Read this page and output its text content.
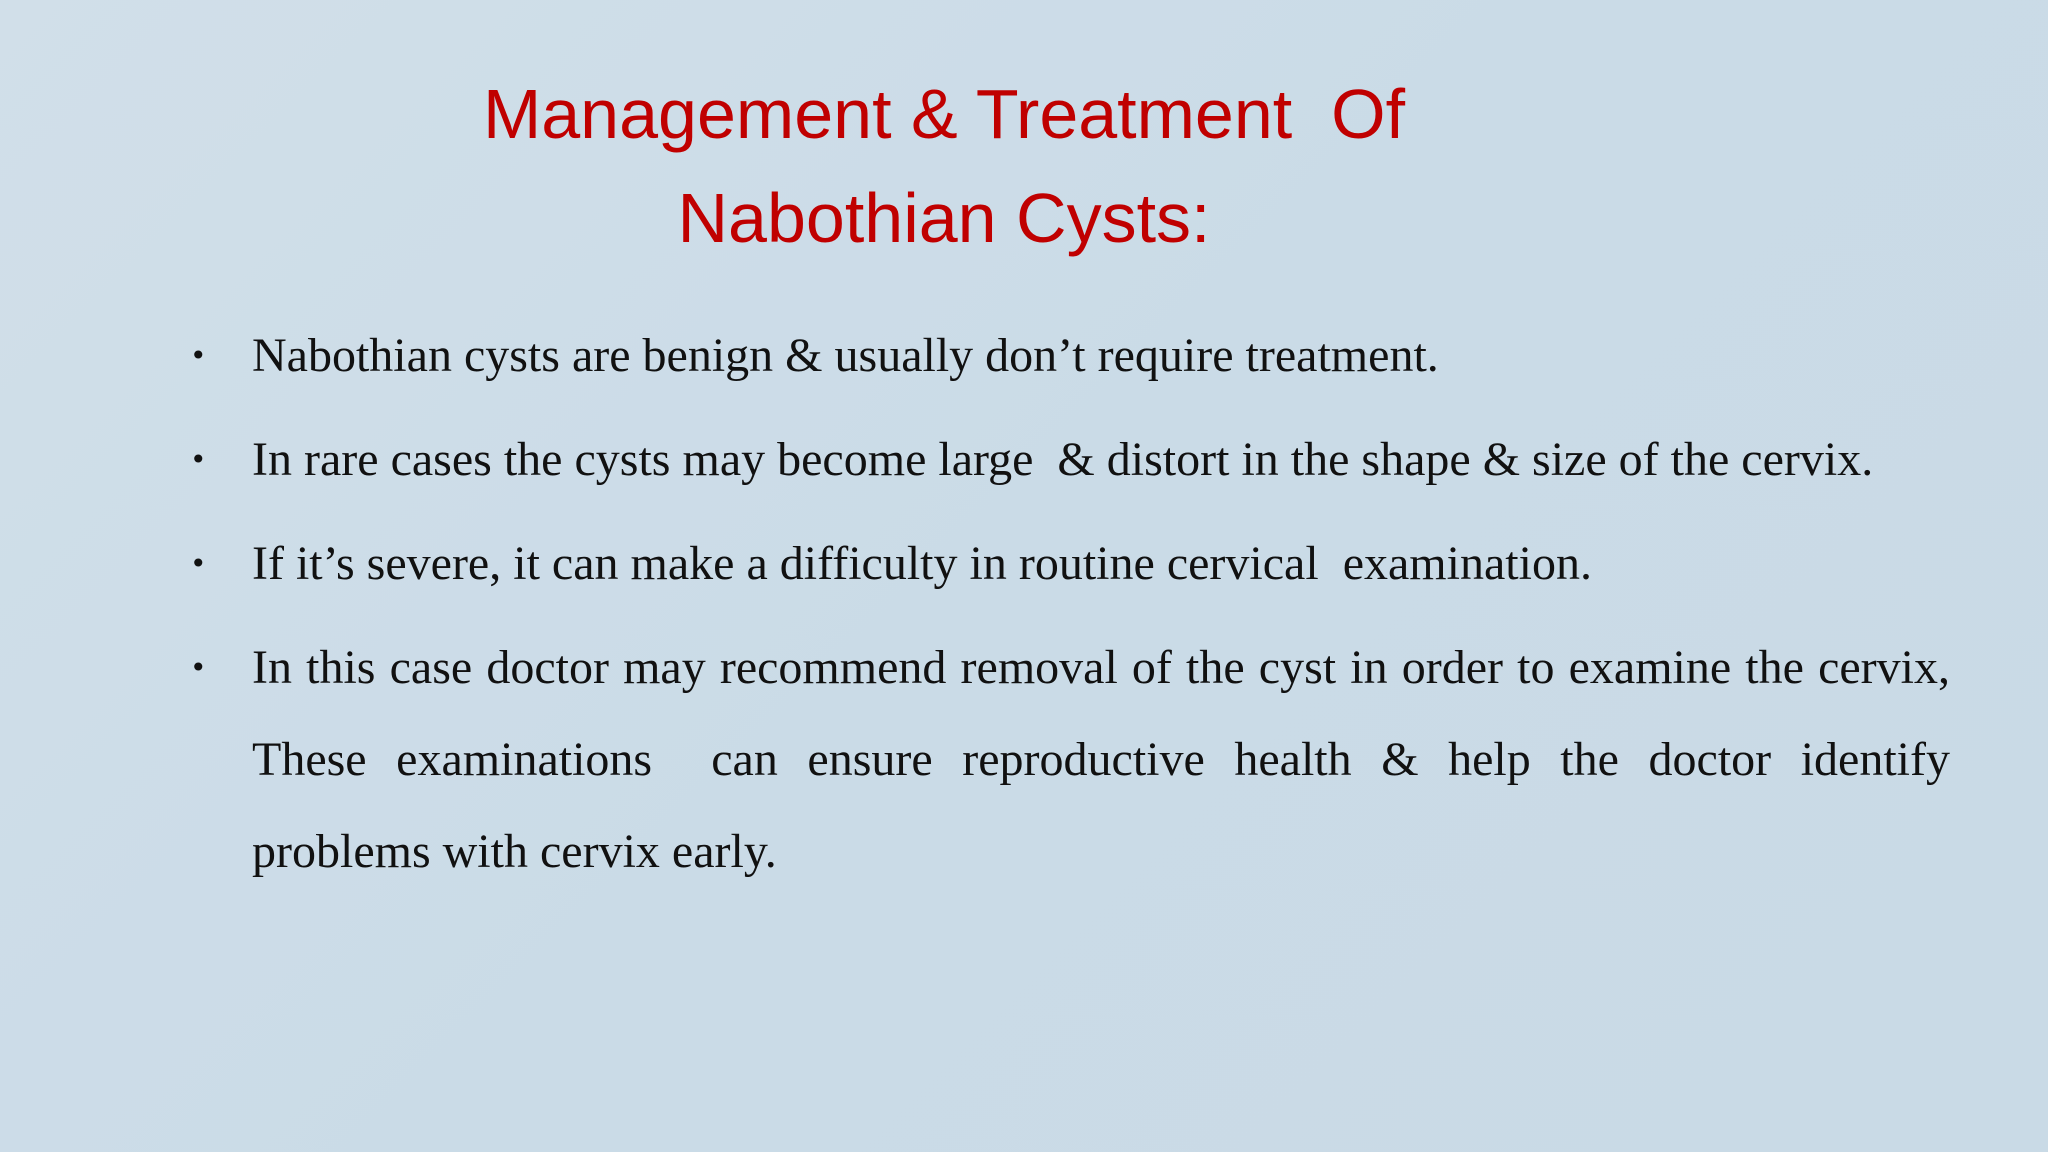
Management & Treatment  Of
Nabothian Cysts:
• Nabothian cysts are benign & usually don’t require treatment.
• In rare cases the cysts may become large  & distort in the shape & size of the cervix.
• If it’s severe, it can make a difficulty in routine cervical  examination.
• In this case doctor may recommend removal of the cyst in order to examine the cervix, These examinations  can ensure reproductive health & help the doctor identify  problems with cervix early.
